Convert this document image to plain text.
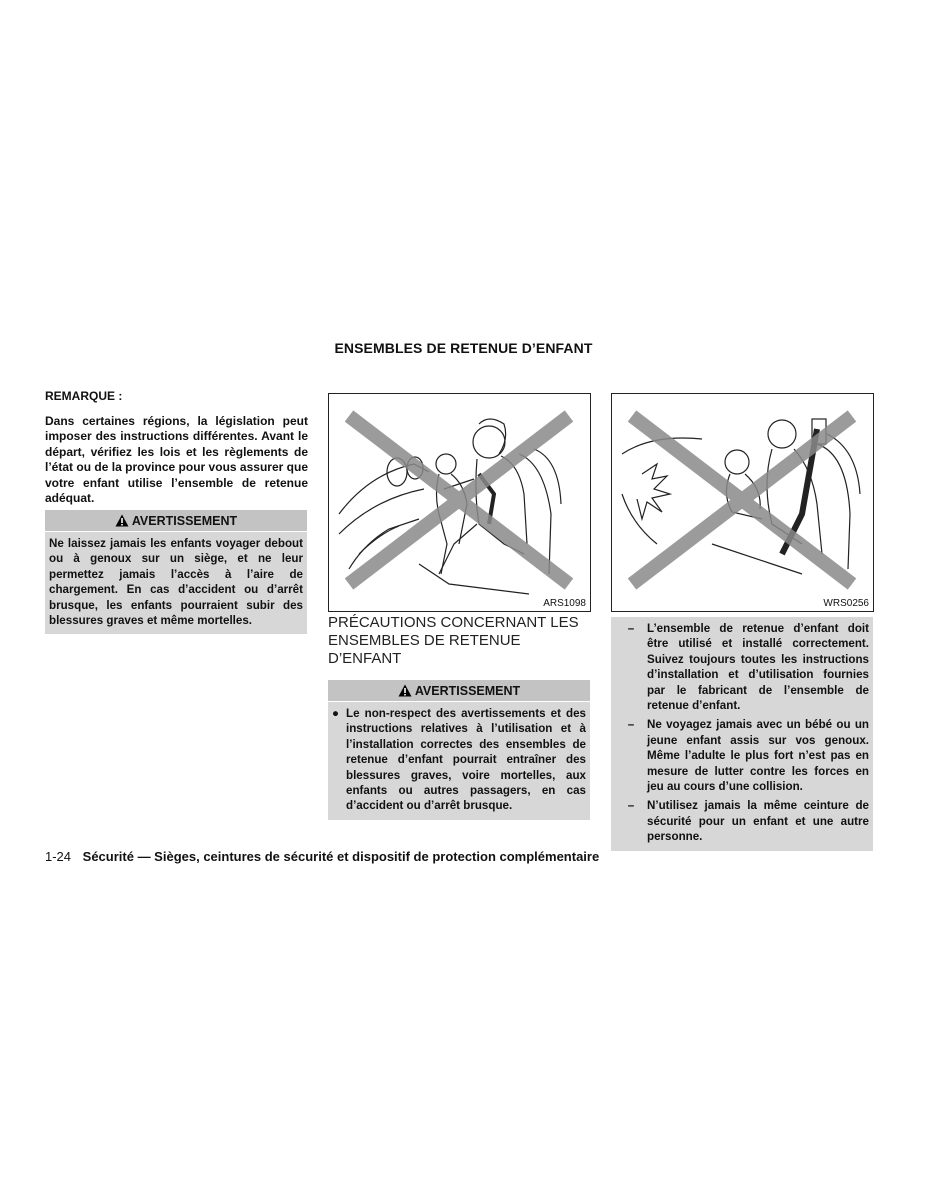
ENSEMBLES DE RETENUE D’ENFANT
REMARQUE :
Dans certaines régions, la législation peut imposer des instructions différentes. Avant le départ, vérifiez les lois et les règlements de l’état ou de la province pour vous assurer que votre enfant utilise l’ensemble de retenue adéquat.
AVERTISSEMENT
Ne laissez jamais les enfants voyager debout ou à genoux sur un siège, et ne leur permettez jamais l’accès à l’aire de chargement. En cas d’accident ou d’arrêt brusque, les enfants pourraient subir des blessures graves et même mortelles.
ARS1098
PRÉCAUTIONS CONCERNANT LES ENSEMBLES DE RETENUE D’ENFANT
AVERTISSEMENT
● Le non-respect des avertissements et des instructions relatives à l’utilisation et à l’installation correctes des ensembles de retenue d’enfant pourrait entraîner des blessures graves, voire mortelles, aux enfants ou autres passagers, en cas d’accident ou d’arrêt brusque.
WRS0256
–	L’ensemble de retenue d’enfant doit être utilisé et installé correctement. Suivez toujours toutes les instructions d’installation et d’utilisation fournies par le fabricant de l’ensemble de retenue d’enfant.
–	Ne voyagez jamais avec un bébé ou un jeune enfant assis sur vos genoux. Même l’adulte le plus fort n’est pas en mesure de lutter contre les forces en jeu au cours d’une collision.
–	N’utilisez jamais la même ceinture de sécurité pour un enfant et une autre personne.
1-24 Sécurité — Sièges, ceintures de sécurité et dispositif de protection complémentaire
